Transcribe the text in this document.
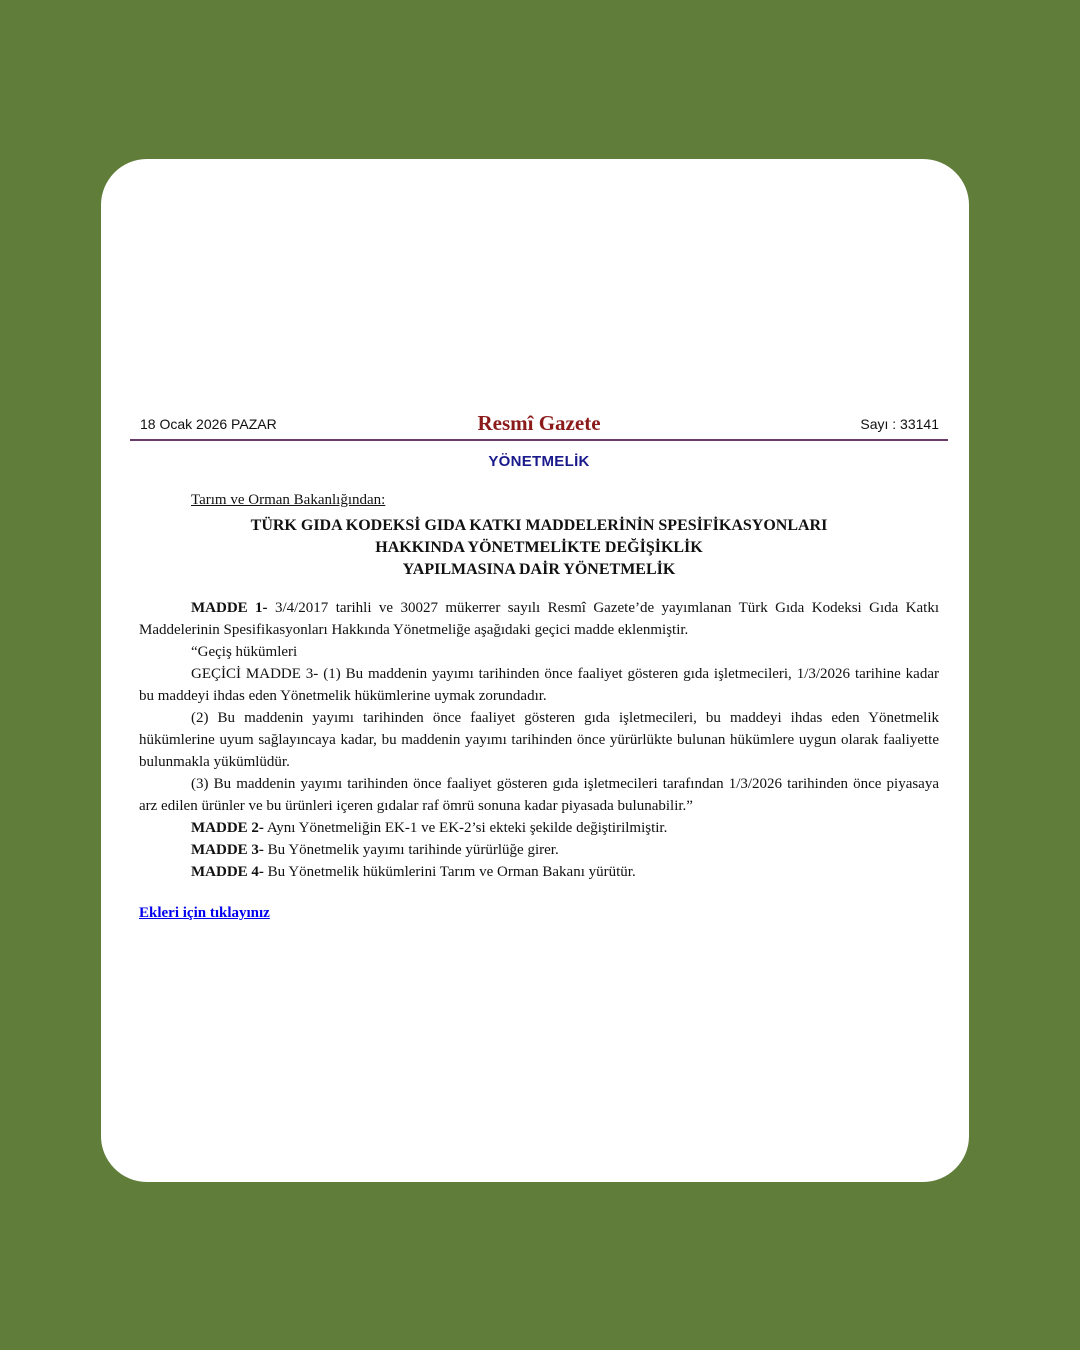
18 Ocak 2026 PAZAR	Resmî Gazete	Sayı : 33141
YÖNETMELİK
Tarım ve Orman Bakanlığından:
TÜRK GIDA KODEKSİ GIDA KATKI MADDELERİNİN SPESİFİKASYONLARI
HAKKINDA YÖNETMELİKTE DEĞİŞİKLİK
YAPILMASINA DAİR YÖNETMELİK

MADDE 1- 3/4/2017 tarihli ve 30027 mükerrer sayılı Resmî Gazete’de yayımlanan Türk Gıda Kodeksi Gıda Katkı Maddelerinin Spesifikasyonları Hakkında Yönetmeliğe aşağıdaki geçici madde eklenmiştir.

“Geçiş hükümleri

GEÇİCİ MADDE 3- (1) Bu maddenin yayımı tarihinden önce faaliyet gösteren gıda işletmecileri, 1/3/2026 tarihine kadar bu maddeyi ihdas eden Yönetmelik hükümlerine uymak zorundadır.

(2) Bu maddenin yayımı tarihinden önce faaliyet gösteren gıda işletmecileri, bu maddeyi ihdas eden Yönetmelik hükümlerine uyum sağlayıncaya kadar, bu maddenin yayımı tarihinden önce yürürlükte bulunan hükümlere uygun olarak faaliyette bulunmakla yükümlüdür.

(3) Bu maddenin yayımı tarihinden önce faaliyet gösteren gıda işletmecileri tarafından 1/3/2026 tarihinden önce piyasaya arz edilen ürünler ve bu ürünleri içeren gıdalar raf ömrü sonuna kadar piyasada bulunabilir.”

MADDE 2- Aynı Yönetmeliğin EK-1 ve EK-2’si ekteki şekilde değiştirilmiştir.

MADDE 3- Bu Yönetmelik yayımı tarihinde yürürlüğe girer.

MADDE 4- Bu Yönetmelik hükümlerini Tarım ve Orman Bakanı yürütür.

Ekleri için tıklayınız
